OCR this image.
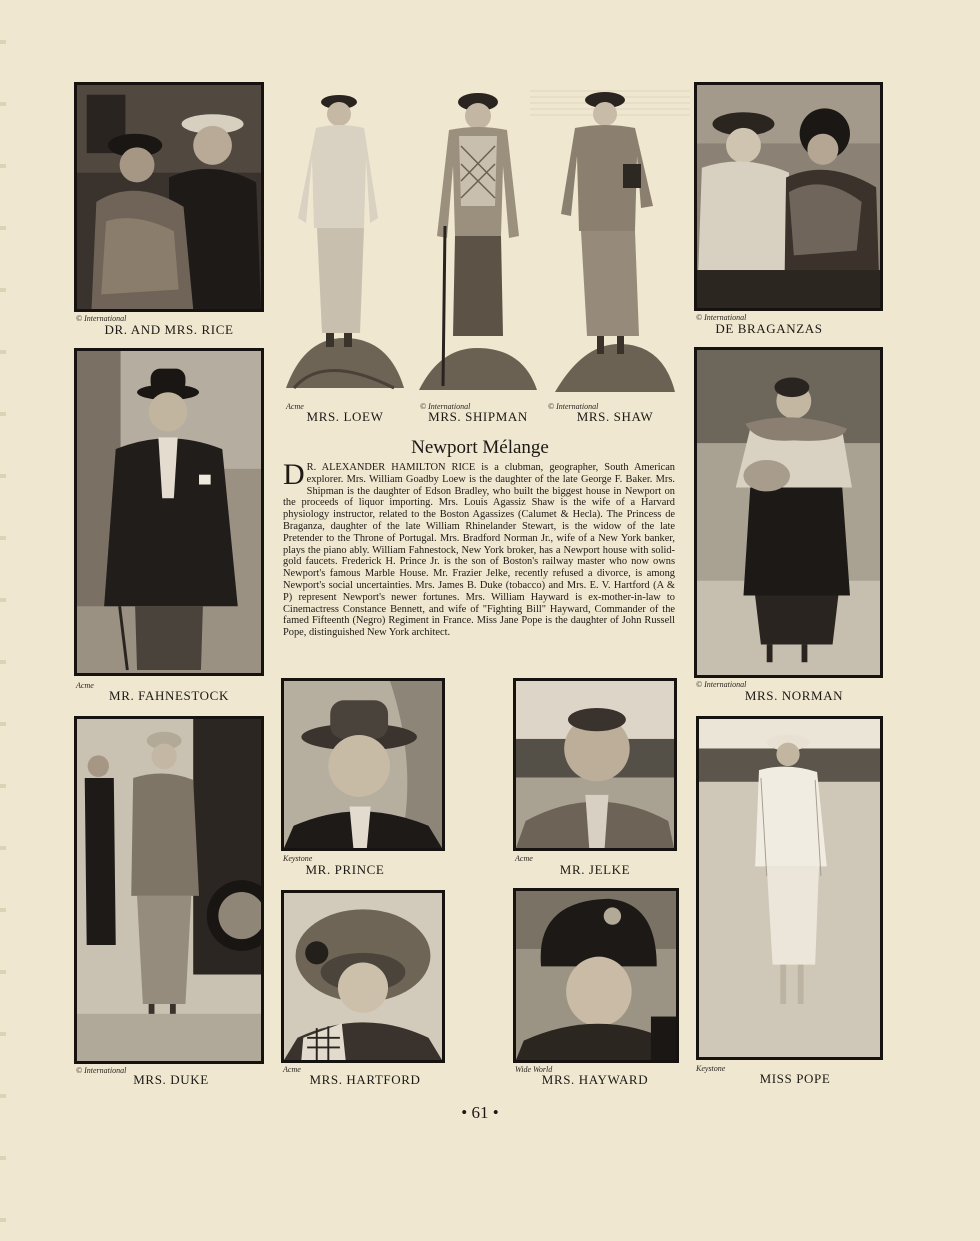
© International
DR. AND MRS. RICE
Acme
MRS. LOEW
© International
MRS. SHIPMAN
© International
MRS. SHAW
© International
DE BRAGANZAS
Acme
MR. FAHNESTOCK
Newport Mélange
D R. ALEXANDER HAMILTON RICE is a clubman, geographer, South American explorer. Mrs. William Goadby Loew is the daughter of the late George F. Baker. Mrs. Shipman is the daughter of Edson Bradley, who built the biggest house in Newport on the proceeds of liquor importing. Mrs. Louis Agassiz Shaw is the wife of a Harvard physiology instructor, related to the Boston Agassizes (Calumet & Hecla). The Princess de Braganza, daughter of the late William Rhinelander Stewart, is the widow of the late Pretender to the Throne of Portugal. Mrs. Bradford Norman Jr., wife of a New York banker, plays the piano ably. William Fahnestock, New York broker, has a Newport house with solid-gold faucets. Frederick H. Prince Jr. is the son of Boston's railway master who now owns Newport's famous Marble House. Mr. Frazier Jelke, recently refused a divorce, is among Newport's social uncertainties. Mrs. James B. Duke (tobacco) and Mrs. E. V. Hartford (A & P) represent Newport's newer fortunes. Mrs. William Hayward is ex-mother-in-law to Cinemactress Constance Bennett, and wife of "Fighting Bill" Hayward, Commander of the famed Fifteenth (Negro) Regiment in France. Miss Jane Pope is the daughter of John Russell Pope, distinguished New York architect.
© International
MRS. NORMAN
Keystone
MR. PRINCE
Acme
MR. JELKE
© International
MRS. DUKE
Acme
MRS. HARTFORD
Wide World
MRS. HAYWARD
Keystone
MISS POPE
• 61 •
